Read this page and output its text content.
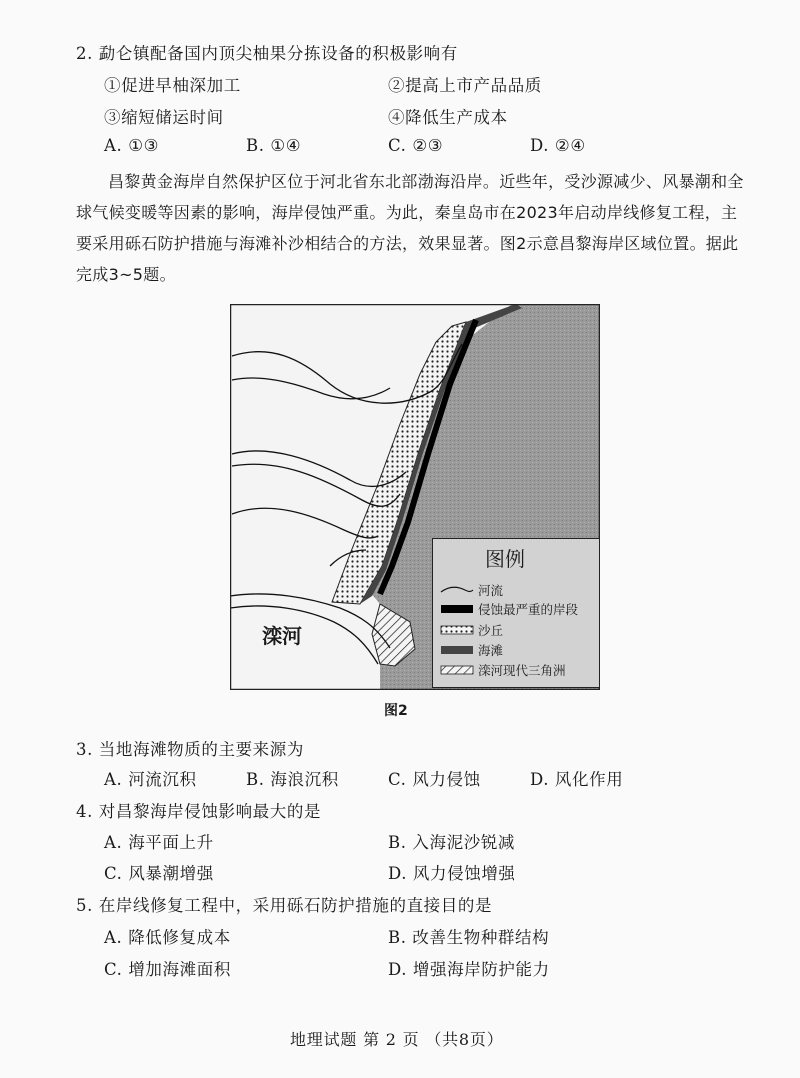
2. 勐仑镇配备国内顶尖柚果分拣设备的积极影响有
①促进早柚深加工	②提高上市产品品质
③缩短储运时间	④降低生产成本
A. ①③	B. ①④	C. ②③	D. ②④
昌黎黄金海岸自然保护区位于河北省东北部渤海沿岸。近些年，受沙源减少、风暴潮和全球气候变暖等因素的影响，海岸侵蚀严重。为此，秦皇岛市在2023年启动岸线修复工程，主要采用砾石防护措施与海滩补沙相结合的方法，效果显著。图2示意昌黎海岸区域位置。据此完成3~5题。
滦河
图例
河流
侵蚀最严重的岸段
沙丘
海滩
滦河现代三角洲
图2
3. 当地海滩物质的主要来源为
A. 河流沉积	B. 海浪沉积	C. 风力侵蚀	D. 风化作用
4. 对昌黎海岸侵蚀影响最大的是
A. 海平面上升	B. 入海泥沙锐减
C. 风暴潮增强	D. 风力侵蚀增强
5. 在岸线修复工程中，采用砾石防护措施的直接目的是
A. 降低修复成本	B. 改善生物种群结构
C. 增加海滩面积	D. 增强海岸防护能力
地理试题 第 2 页 （共8页）
